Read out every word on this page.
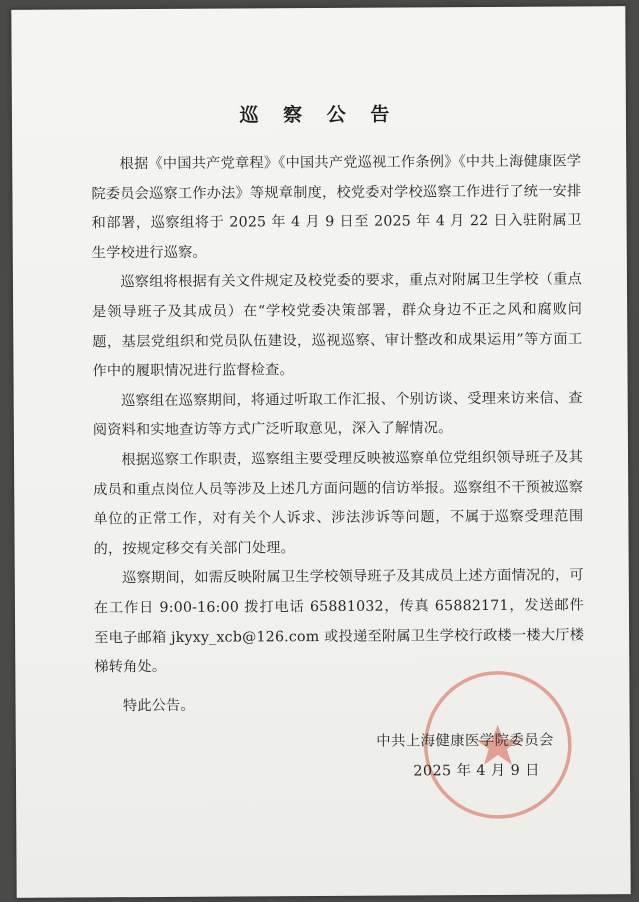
巡 察 公 告

根据《中国共产党章程》《中国共产党巡视工作条例》《中共上海健康医学院委员会巡察工作办法》等规章制度，校党委对学校巡察工作进行了统一安排和部署，巡察组将于 2025 年 4 月 9 日至 2025 年 4 月 22 日入驻附属卫生学校进行巡察。

巡察组将根据有关文件规定及校党委的要求，重点对附属卫生学校（重点是领导班子及其成员）在“学校党委决策部署，群众身边不正之风和腐败问题，基层党组织和党员队伍建设，巡视巡察、审计整改和成果运用”等方面工作中的履职情况进行监督检查。

巡察组在巡察期间，将通过听取工作汇报、个别访谈、受理来访来信、查阅资料和实地查访等方式广泛听取意见，深入了解情况。

根据巡察工作职责，巡察组主要受理反映被巡察单位党组织领导班子及其成员和重点岗位人员等涉及上述几方面问题的信访举报。巡察组不干预被巡察单位的正常工作，对有关个人诉求、涉法涉诉等问题，不属于巡察受理范围的，按规定移交有关部门处理。

巡察期间，如需反映附属卫生学校领导班子及其成员上述方面情况的，可在工作日 9:00-16:00 拨打电话 65881032，传真 65882171，发送邮件至电子邮箱 jkyxy_xcb@126.com 或投递至附属卫生学校行政楼一楼大厅楼梯转角处。

特此公告。

中共上海健康医学院委员会
2025 年 4 月 9 日
